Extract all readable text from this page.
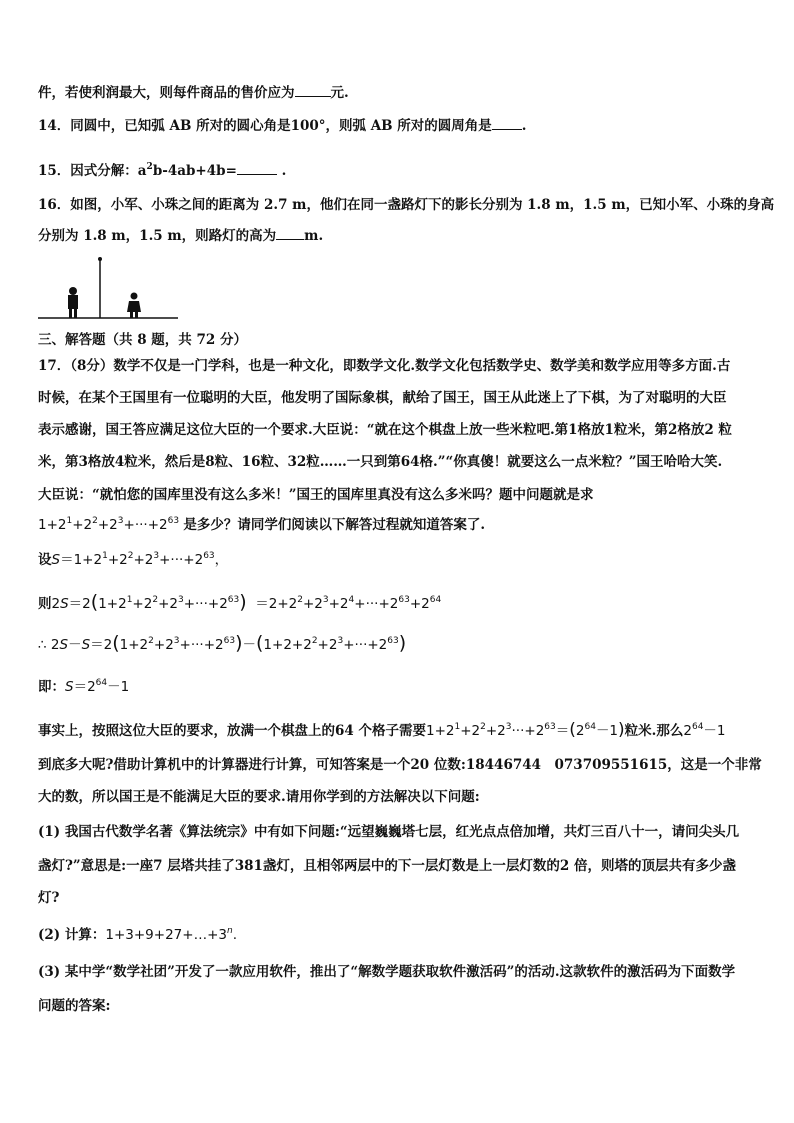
件，若使利润最大，则每件商品的售价应为	元.
14．同圆中，已知弧 AB 所对的圆心角是100°，则弧 AB 所对的圆周角是 .
15．因式分解：$a^2b-4ab+4b=$	.
16．如图，小军、小珠之间的距离为 2.7 m，他们在同一盏路灯下的影长分别为 1.8 m，1.5 m，已知小军、小珠的身高
分别为 1.8 m，1.5 m，则路灯的高为 m.
三、解答题（共 8 题，共 72 分）
17．（8分）数学不仅是一门学科，也是一种文化，即数学文化.数学文化包括数学史、数学美和数学应用等多方面.古
时候，在某个王国里有一位聪明的大臣，他发明了国际象棋，献给了国王，国王从此迷上了下棋，为了对聪明的大臣
表示感谢，国王答应满足这位大臣的一个要求.大臣说：“就在这个棋盘上放一些米粒吧.第1格放1粒米，第2格放2 粒
米，第3格放4粒米，然后是8粒、16粒、32粒……一只到第64格.”“你真傻！就要这么一点米粒？”国王哈哈大笑.
大臣说：“就怕您的国库里没有这么多米！”国王的国库里真没有这么多米吗？题中问题就是求
$1+2^1+2^2+2^3+\cdot\cdot\cdot+2^{63}$ 是多少？请同学们阅读以下解答过程就知道答案了.
设$S=1+2^1+2^2+2^3+\cdot\cdot\cdot+2^{63}$，
则$2S=2(1+2^1+2^2+2^3+\cdot\cdot\cdot+2^{63}) =2+2^2+2^3+2^4+\cdot\cdot\cdot+2^{63}+2^{64}$
∴ $2S-S=2(1+2^2+2^3+\cdot\cdot\cdot+2^{63})-(1+2+2^2+2^3+\cdot\cdot\cdot+2^{63})$
即：$S=2^{64}-1$
事实上，按照这位大臣的要求，放满一个棋盘上的64 个格子需要$1+2^1+2^2+2^3\cdot\cdot\cdot+2^{63}=(2^{64}-1)$粒米.那么$2^{64}-1$
到底多大呢?借助计算机中的计算器进行计算，可知答案是一个20 位数:18446744　073709551615，这是一个非常
大的数，所以国王是不能满足大臣的要求.请用你学到的方法解决以下问题:
(1) 我国古代数学名著《算法统宗》中有如下问题:“远望巍巍塔七层，红光点点倍加增，共灯三百八十一，请问尖头几
盏灯?”意思是:一座7 层塔共挂了381盏灯，且相邻两层中的下一层灯数是上一层灯数的2 倍，则塔的顶层共有多少盏
灯?
(2) 计算：$1+3+9+27+\dots+3^n$.
(3) 某中学“数学社团”开发了一款应用软件，推出了“解数学题获取软件激活码”的活动.这款软件的激活码为下面数学
问题的答案:
